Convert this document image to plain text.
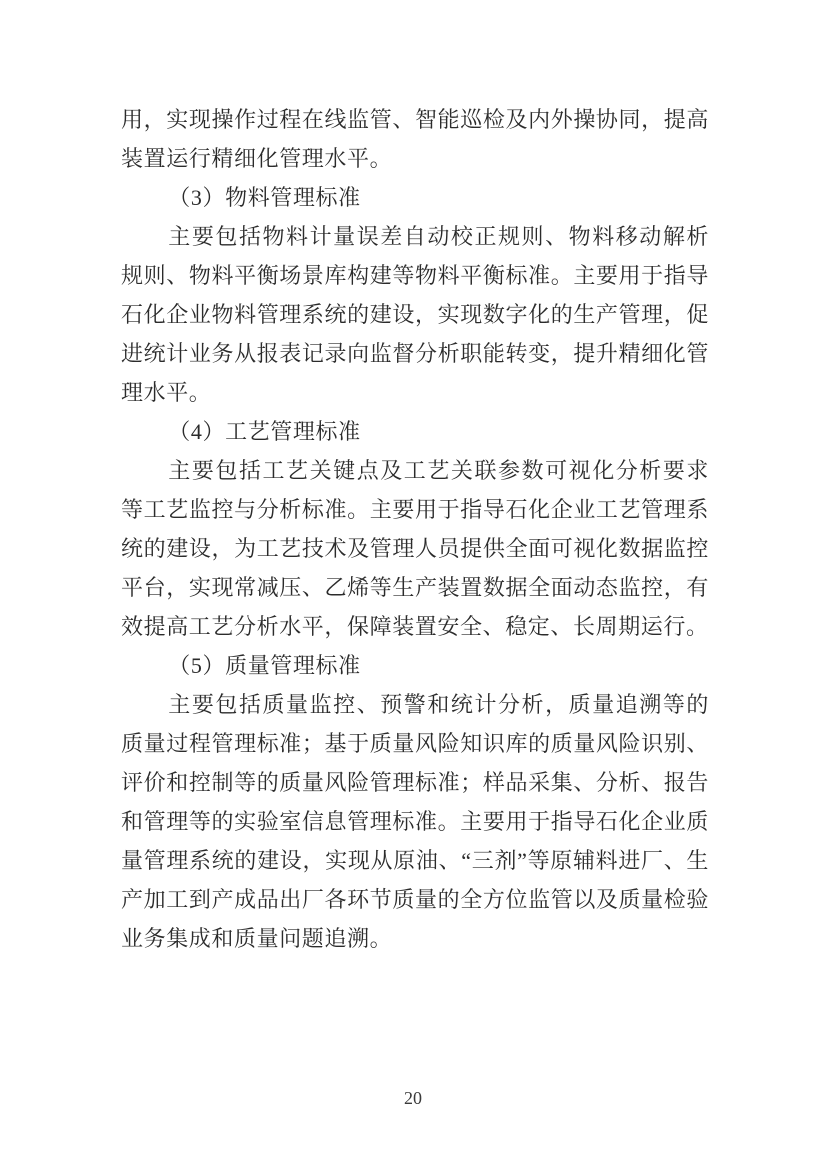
用，实现操作过程在线监管、智能巡检及内外操协同，提高装置运行精细化管理水平。

（3）物料管理标准

主要包括物料计量误差自动校正规则、物料移动解析规则、物料平衡场景库构建等物料平衡标准。主要用于指导石化企业物料管理系统的建设，实现数字化的生产管理，促进统计业务从报表记录向监督分析职能转变，提升精细化管理水平。

（4）工艺管理标准

主要包括工艺关键点及工艺关联参数可视化分析要求等工艺监控与分析标准。主要用于指导石化企业工艺管理系统的建设，为工艺技术及管理人员提供全面可视化数据监控平台，实现常减压、乙烯等生产装置数据全面动态监控，有效提高工艺分析水平，保障装置安全、稳定、长周期运行。

（5）质量管理标准

主要包括质量监控、预警和统计分析，质量追溯等的质量过程管理标准；基于质量风险知识库的质量风险识别、评价和控制等的质量风险管理标准；样品采集、分析、报告和管理等的实验室信息管理标准。主要用于指导石化企业质量管理系统的建设，实现从原油、“三剂”等原辅料进厂、生产加工到产成品出厂各环节质量的全方位监管以及质量检验业务集成和质量问题追溯。

20
